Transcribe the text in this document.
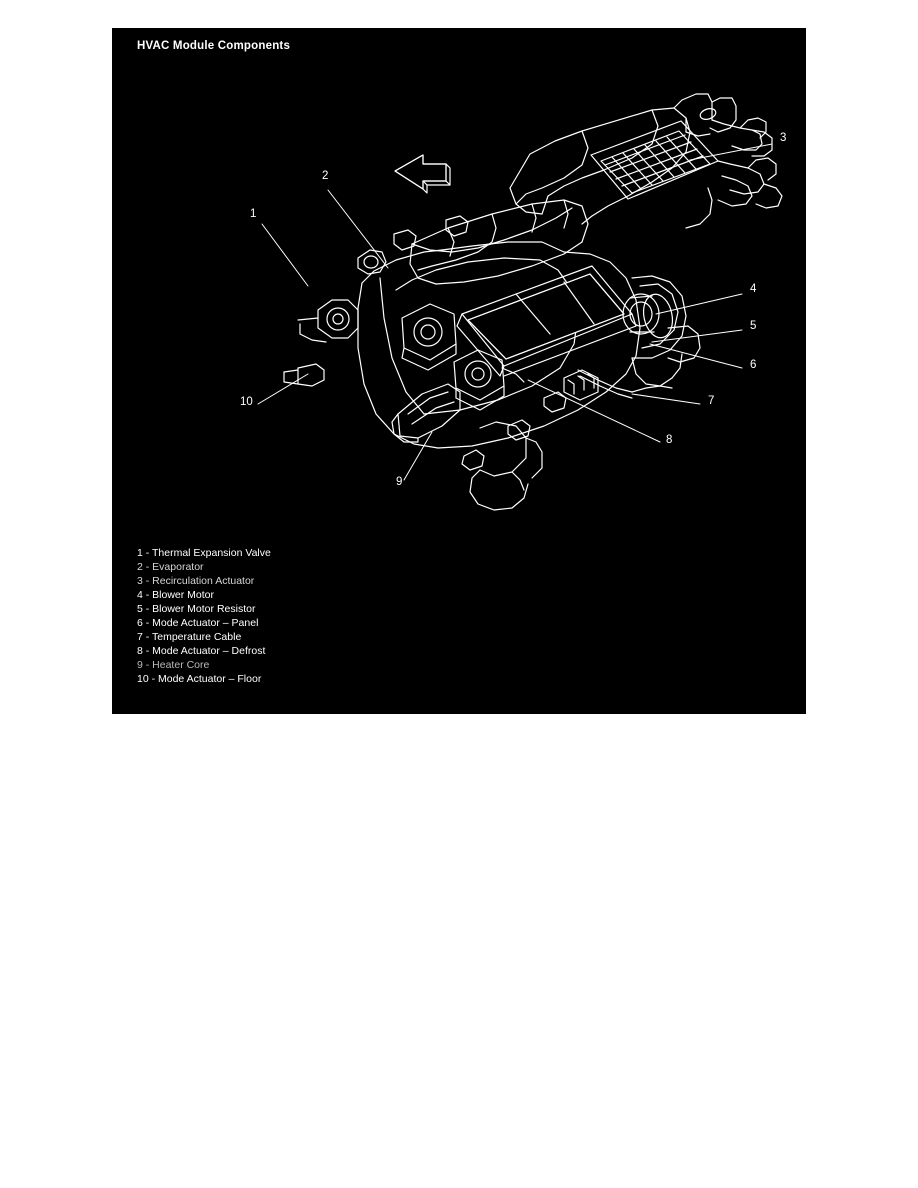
HVAC Module Components
1
2
3
4
5
6
7
8
9
10
1 - Thermal Expansion Valve
2 - Evaporator
3 - Recirculation Actuator
4 - Blower Motor
5 - Blower Motor Resistor
6 - Mode Actuator – Panel
7 - Temperature Cable
8 - Mode Actuator – Defrost
9 - Heater Core
10 - Mode Actuator – Floor
